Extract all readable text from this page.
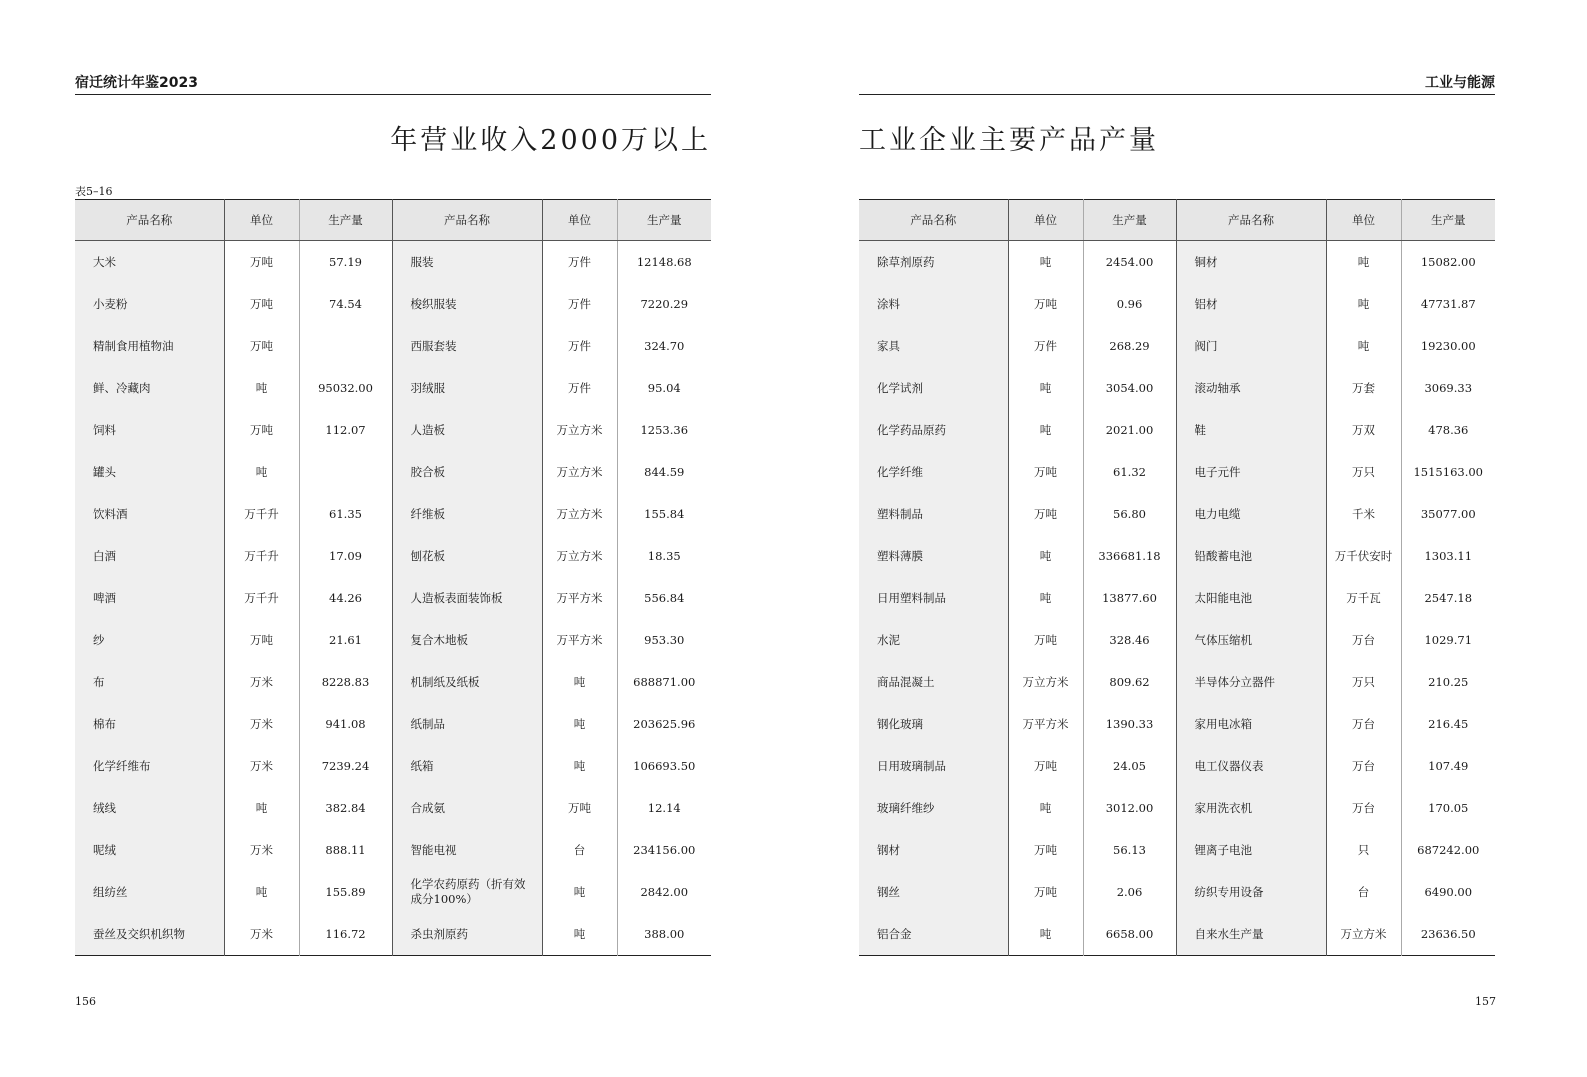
宿迁统计年鉴2023
年营业收入2000万以上
表5–16
产品名称	单位	生产量	产品名称	单位	生产量
大米	万吨	57.19	服装	万件	12148.68
小麦粉	万吨	74.54	梭织服装	万件	7220.29
精制食用植物油	万吨		西服套装	万件	324.70
鲜、冷藏肉	吨	95032.00	羽绒服	万件	95.04
饲料	万吨	112.07	人造板	万立方米	1253.36
罐头	吨		胶合板	万立方米	844.59
饮料酒	万千升	61.35	纤维板	万立方米	155.84
白酒	万千升	17.09	刨花板	万立方米	18.35
啤酒	万千升	44.26	人造板表面装饰板	万平方米	556.84
纱	万吨	21.61	复合木地板	万平方米	953.30
布	万米	8228.83	机制纸及纸板	吨	688871.00
棉布	万米	941.08	纸制品	吨	203625.96
化学纤维布	万米	7239.24	纸箱	吨	106693.50
绒线	吨	382.84	合成氨	万吨	12.14
呢绒	万米	888.11	智能电视	台	234156.00
组纺丝	吨	155.89	化学农药原药（折有效成分100%）	吨	2842.00
蚕丝及交织机织物	万米	116.72	杀虫剂原药	吨	388.00
156
工业与能源
工业企业主要产品产量
产品名称	单位	生产量	产品名称	单位	生产量
除草剂原药	吨	2454.00	铜材	吨	15082.00
涂料	万吨	0.96	铝材	吨	47731.87
家具	万件	268.29	阀门	吨	19230.00
化学试剂	吨	3054.00	滚动轴承	万套	3069.33
化学药品原药	吨	2021.00	鞋	万双	478.36
化学纤维	万吨	61.32	电子元件	万只	1515163.00
塑料制品	万吨	56.80	电力电缆	千米	35077.00
塑料薄膜	吨	336681.18	铅酸蓄电池	万千伏安时	1303.11
日用塑料制品	吨	13877.60	太阳能电池	万千瓦	2547.18
水泥	万吨	328.46	气体压缩机	万台	1029.71
商品混凝土	万立方米	809.62	半导体分立器件	万只	210.25
钢化玻璃	万平方米	1390.33	家用电冰箱	万台	216.45
日用玻璃制品	万吨	24.05	电工仪器仪表	万台	107.49
玻璃纤维纱	吨	3012.00	家用洗衣机	万台	170.05
钢材	万吨	56.13	锂离子电池	只	687242.00
钢丝	万吨	2.06	纺织专用设备	台	6490.00
铝合金	吨	6658.00	自来水生产量	万立方米	23636.50
157
